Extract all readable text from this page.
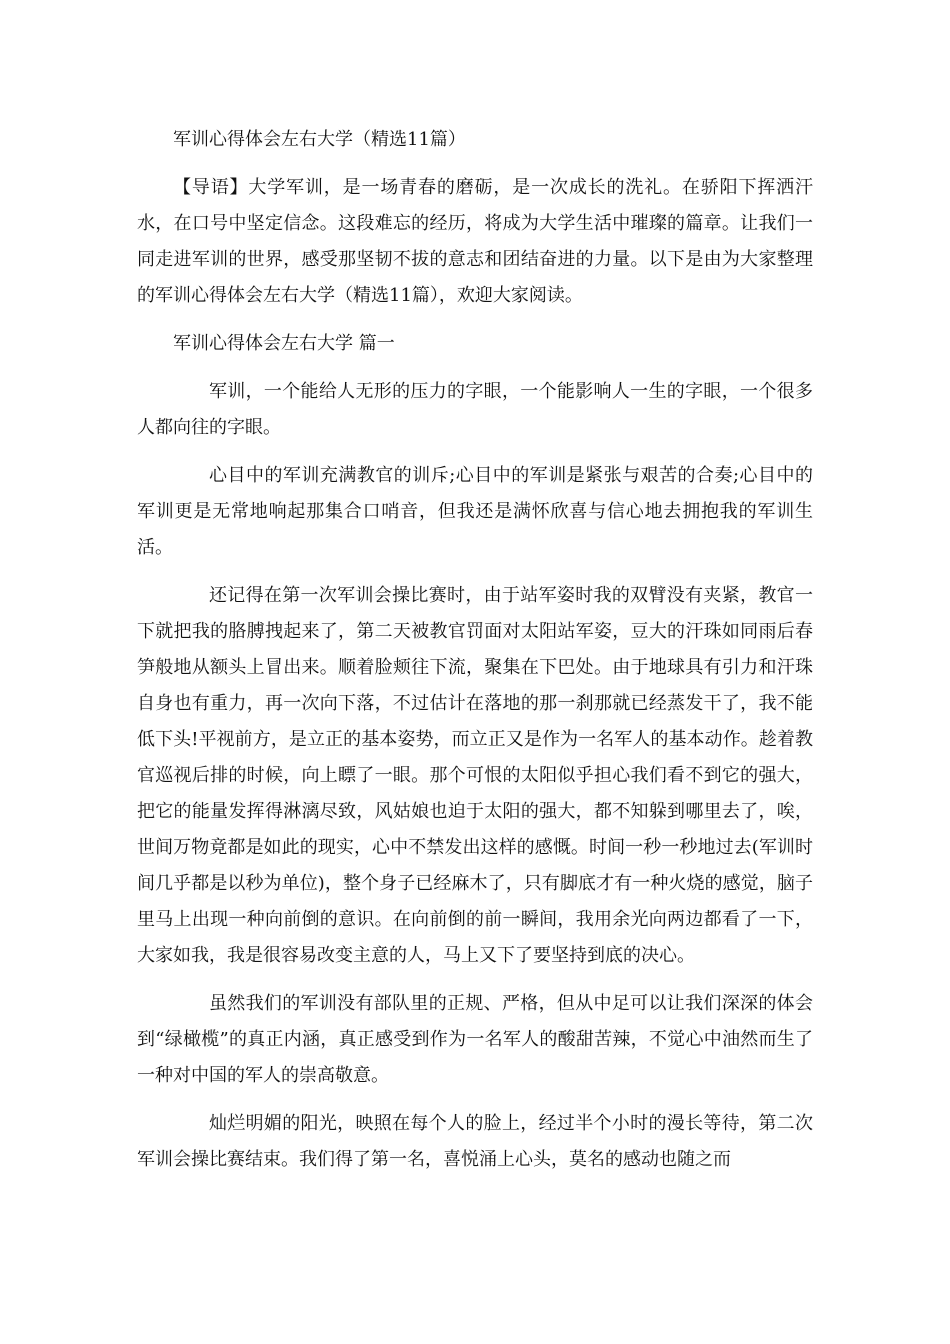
军训心得体会左右大学（精选11篇）
【导语】大学军训，是一场青春的磨砺，是一次成长的洗礼。在骄阳下挥洒汗水，在口号中坚定信念。这段难忘的经历，将成为大学生活中璀璨的篇章。让我们一同走进军训的世界，感受那坚韧不拔的意志和团结奋进的力量。以下是由为大家整理的军训心得体会左右大学（精选11篇），欢迎大家阅读。
军训心得体会左右大学 篇一
军训，一个能给人无形的压力的字眼，一个能影响人一生的字眼，一个很多人都向往的字眼。
心目中的军训充满教官的训斥;心目中的军训是紧张与艰苦的合奏;心目中的军训更是无常地响起那集合口哨音，但我还是满怀欣喜与信心地去拥抱我的军训生活。
还记得在第一次军训会操比赛时，由于站军姿时我的双臂没有夹紧，教官一下就把我的胳膊拽起来了，第二天被教官罚面对太阳站军姿，豆大的汗珠如同雨后春笋般地从额头上冒出来。顺着脸颊往下流，聚集在下巴处。由于地球具有引力和汗珠自身也有重力，再一次向下落，不过估计在落地的那一刹那就已经蒸发干了，我不能低下头!平视前方，是立正的基本姿势，而立正又是作为一名军人的基本动作。趁着教官巡视后排的时候，向上瞟了一眼。那个可恨的太阳似乎担心我们看不到它的强大，把它的能量发挥得淋漓尽致，风姑娘也迫于太阳的强大，都不知躲到哪里去了，唉，世间万物竟都是如此的现实，心中不禁发出这样的感慨。时间一秒一秒地过去(军训时间几乎都是以秒为单位)，整个身子已经麻木了，只有脚底才有一种火烧的感觉，脑子里马上出现一种向前倒的意识。在向前倒的前一瞬间，我用余光向两边都看了一下，大家如我，我是很容易改变主意的人，马上又下了要坚持到底的决心。
虽然我们的军训没有部队里的正规、严格，但从中足可以让我们深深的体会到“绿橄榄”的真正内涵，真正感受到作为一名军人的酸甜苦辣，不觉心中油然而生了一种对中国的军人的崇高敬意。
灿烂明媚的阳光，映照在每个人的脸上，经过半个小时的漫长等待，第二次军训会操比赛结束。我们得了第一名，喜悦涌上心头，莫名的感动也随之而
